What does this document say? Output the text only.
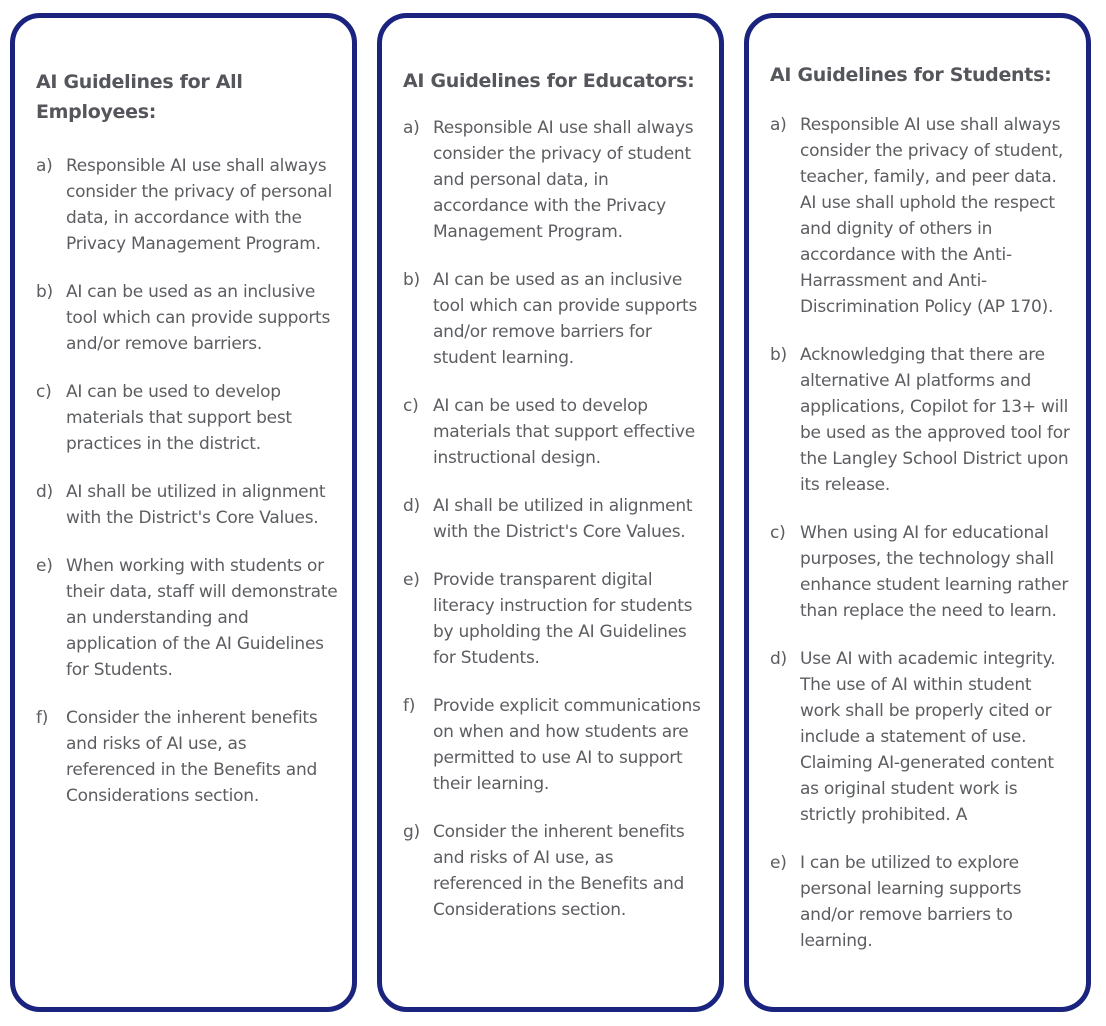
AI Guidelines for All Employees:
a) Responsible AI use shall always consider the privacy of personal data, in accordance with the Privacy Management Program.
b) AI can be used as an inclusive tool which can provide supports and/or remove barriers.
c) AI can be used to develop materials that support best practices in the district.
d) AI shall be utilized in alignment with the District's Core Values.
e) When working with students or their data, staff will demonstrate an understanding and application of the AI Guidelines for Students.
f) Consider the inherent benefits and risks of AI use, as referenced in the Benefits and Considerations section.
AI Guidelines for Educators:
a) Responsible AI use shall always consider the privacy of student and personal data, in accordance with the Privacy Management Program.
b) AI can be used as an inclusive tool which can provide supports and/or remove barriers for student learning.
c) AI can be used to develop materials that support effective instructional design.
d) AI shall be utilized in alignment with the District's Core Values.
e) Provide transparent digital literacy instruction for students by upholding the AI Guidelines for Students.
f) Provide explicit communications on when and how students are permitted to use AI to support their learning.
g) Consider the inherent benefits and risks of AI use, as referenced in the Benefits and Considerations section.
AI Guidelines for Students:
a) Responsible AI use shall always consider the privacy of student, teacher, family, and peer data. AI use shall uphold the respect and dignity of others in accordance with the Anti-Harrassment and Anti-Discrimination Policy (AP 170).
b) Acknowledging that there are alternative AI platforms and applications, Copilot for 13+ will be used as the approved tool for the Langley School District upon its release.
c) When using AI for educational purposes, the technology shall enhance student learning rather than replace the need to learn.
d) Use AI with academic integrity. The use of AI within student work shall be properly cited or include a statement of use. Claiming AI-generated content as original student work is strictly prohibited. A
e) I can be utilized to explore personal learning supports and/or remove barriers to learning.
